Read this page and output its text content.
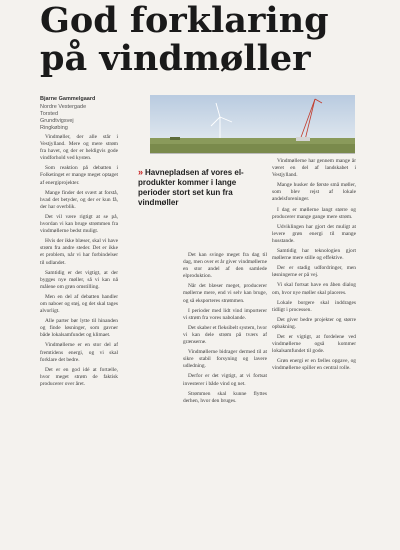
God forklaring
på vindmøller
Bjarne Gammelgaard
Nordre Vestergade
Torsted
Grundtvigsvej
Ringkøbing
» Havnepladsen af vores el-produkter kommer i lange perioder stort set kun fra vindmøller

Vindmøller, der alle står i Vestjylland. Mere og mere strøm fra havet, og der er heldigvis gode vindforhold ved kysten.

Som reaktion på debatten i Folketinget er mange meget optaget af energiprojekter.

Mange finder det svært at forstå, hvad det betyder, og der er kun få, der har overblik.

Det vil være rigtigt at se på, hvordan vi kan bruge strømmen fra vindmøllerne bedst muligt.

Hvis der ikke blæser, skal vi have strøm fra andre steder. Det er ikke et problem, når vi har forbindelser til udlandet.

Samtidig er det vigtigt, at der bygges nye møller, så vi kan nå målene om grøn omstilling.

Men en del af debatten handler om naboer og støj, og det skal tages alvorligt.

Alle parter bør lytte til hinanden og finde løsninger, som gavner både lokalsamfundet og klimaet.

Vindmøllerne er en stor del af fremtidens energi, og vi skal forklare det bedre.

Det er en god idé at fortælle, hvor meget strøm de faktisk producerer over året.

Det kan svinge meget fra dag til dag, men over et år giver vindmøllerne en stor andel af den samlede elproduktion.

Når det blæser meget, producerer møllerne mere, end vi selv kan bruge, og så eksporteres strømmen.

I perioder med lidt vind importerer vi strøm fra vores nabolande.

Det skaber et fleksibelt system, hvor vi kan dele strøm på tværs af grænserne.

Vindmøllerne bidrager dermed til at sikre stabil forsyning og lavere udledning.

Derfor er det vigtigt, at vi fortsat investerer i både vind og net.

Strømmen skal kunne flyttes derhen, hvor den bruges.

Vindmøllerne har gennem mange år været en del af landskabet i Vestjylland.

Mange husker de første små møller, som blev rejst af lokale andelsforeninger.

I dag er møllerne langt større og producerer mange gange mere strøm.

Udviklingen har gjort det muligt at levere grøn energi til mange husstande.

Samtidig har teknologien gjort møllerne mere stille og effektive.

Der er stadig udfordringer, men løsningerne er på vej.

Vi skal fortsat have en åben dialog om, hvor nye møller skal placeres.

Lokale borgere skal inddrages tidligt i processen.

Det giver bedre projekter og større opbakning.

Det er vigtigt, at fordelene ved vindmøllerne også kommer lokalsamfundet til gode.

Grøn energi er en fælles opgave, og vindmøllerne spiller en central rolle.
